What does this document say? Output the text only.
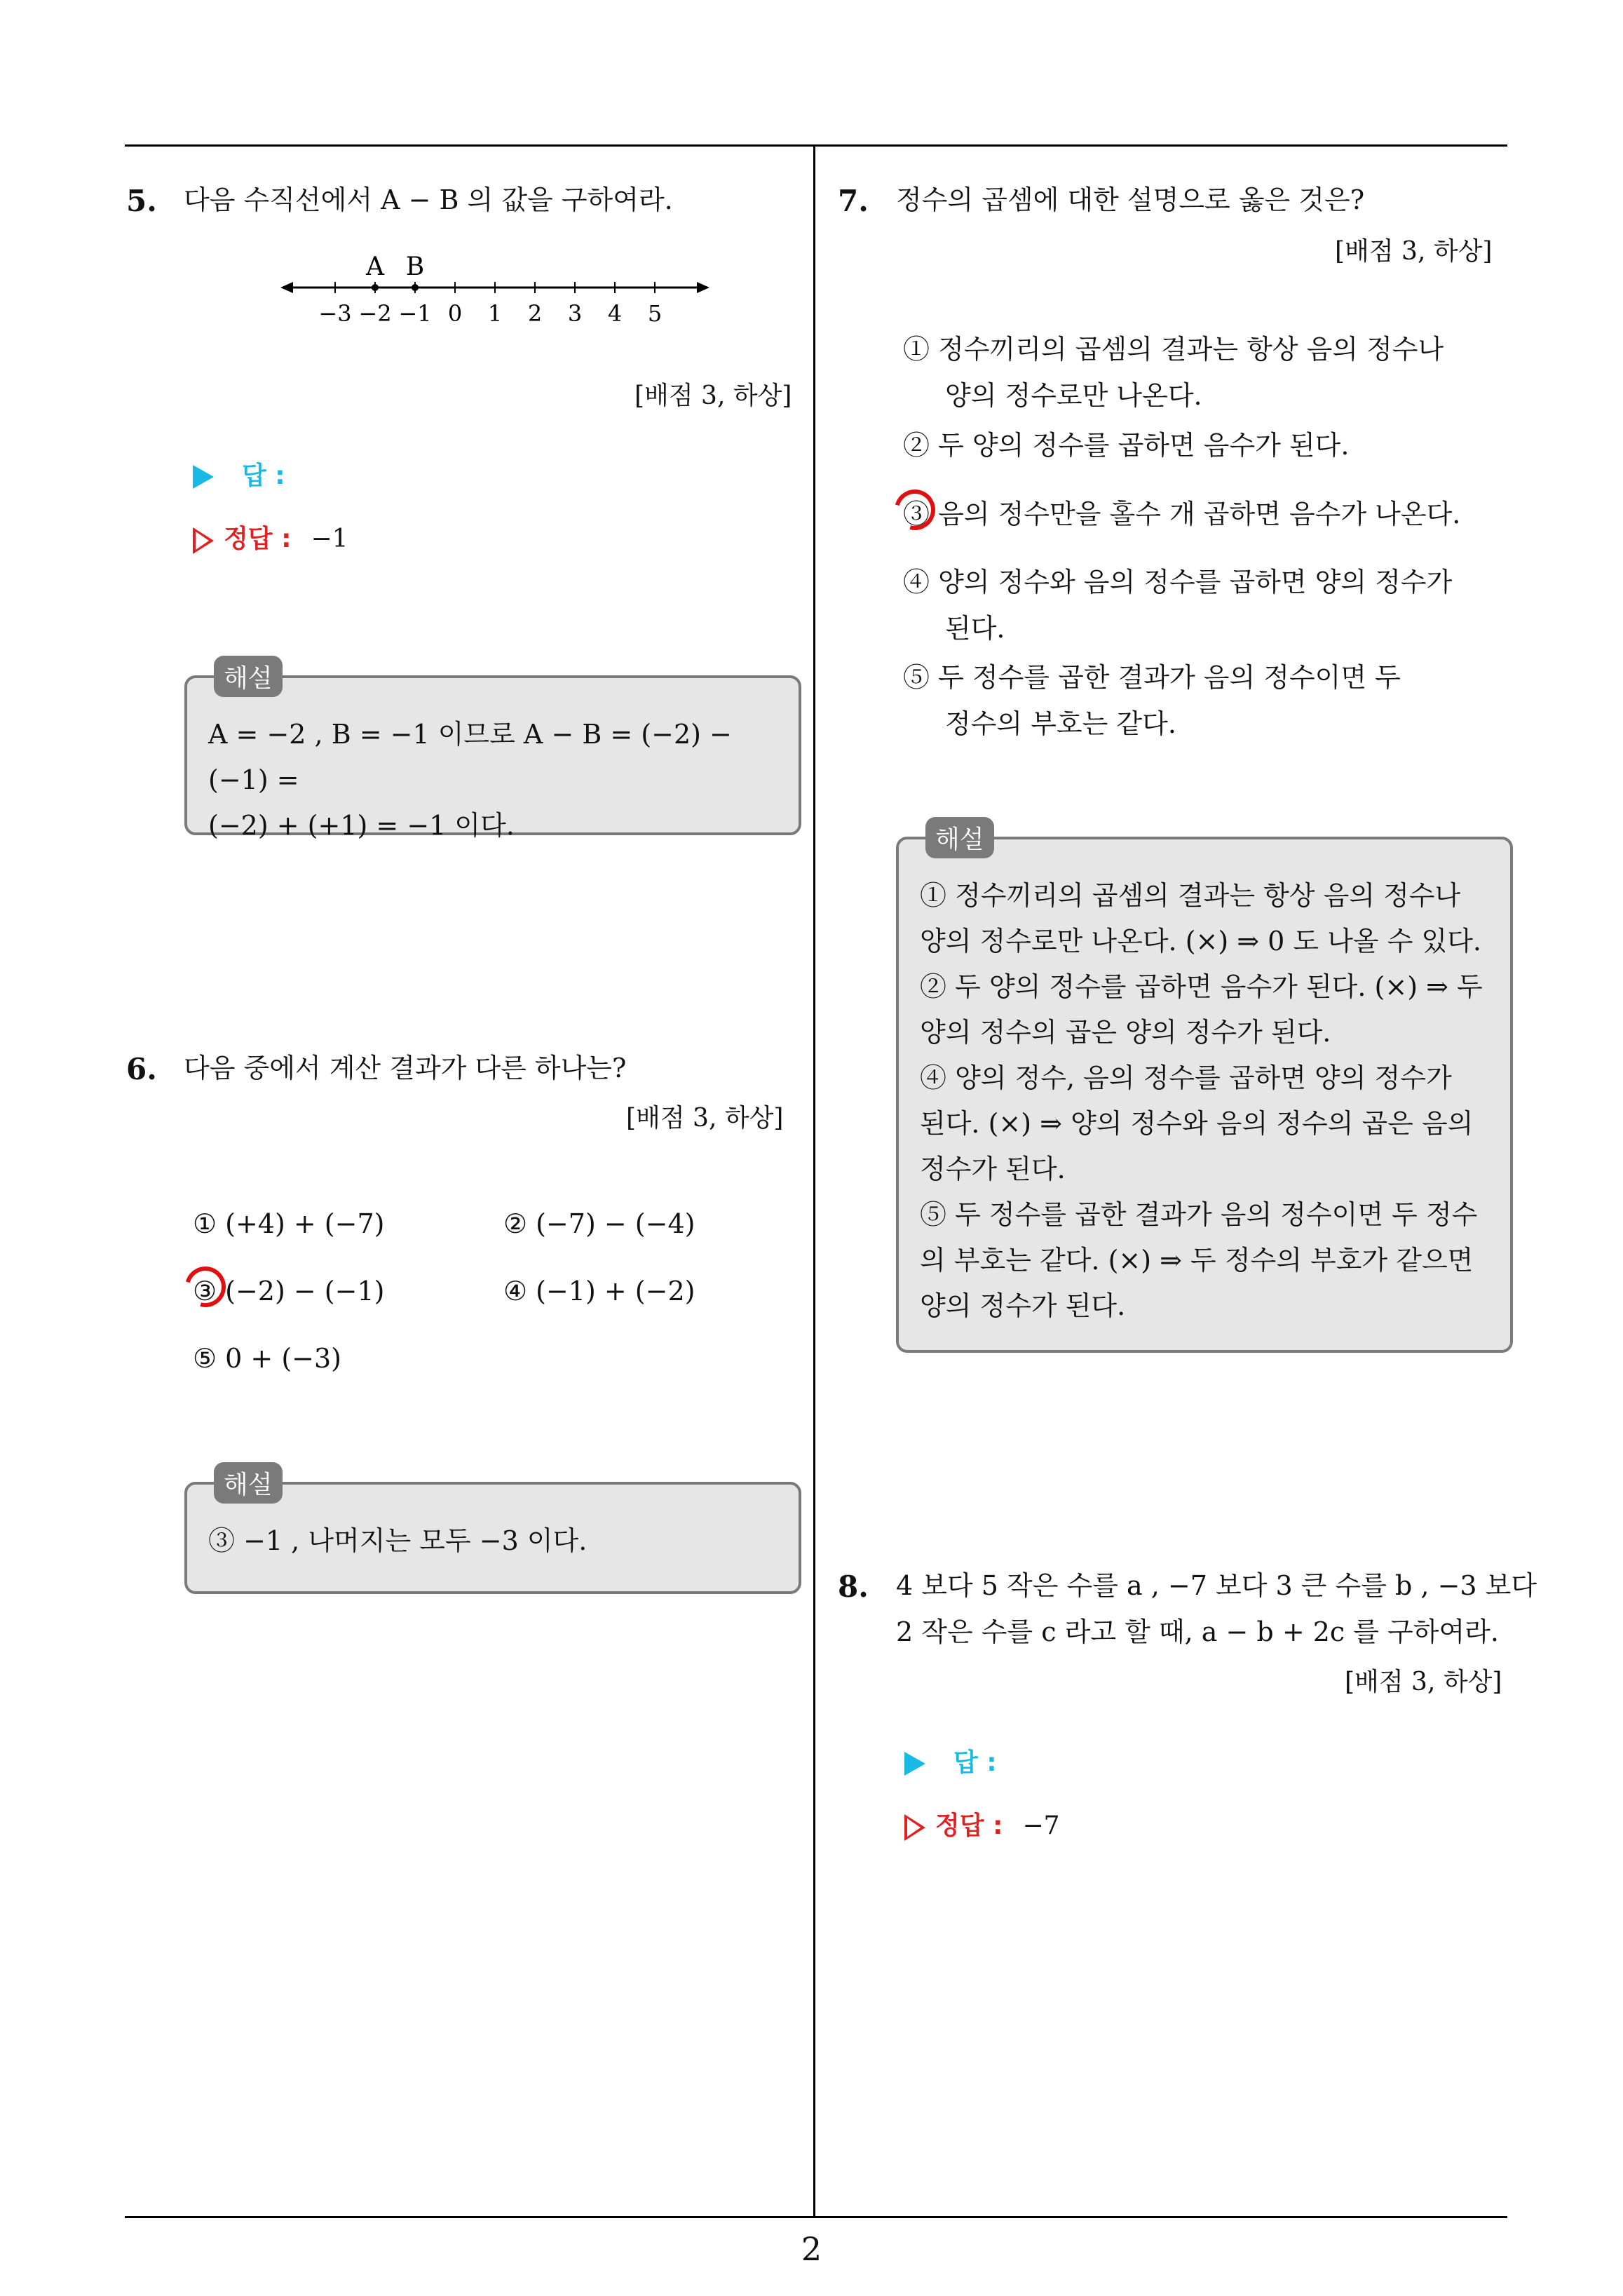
5. 다음 수직선에서 A − B 의 값을 구하여라.
−3 −2 −1 0 1 2 3 4 5
A B
[배점 3, 하상]
답 :
정답 : −1
A = −2 , B = −1 이므로 A − B = (−2) − (−1) =
(−2) + (+1) = −1 이다.
해설
6. 다음 중에서 계산 결과가 다른 하나는?
[배점 3, 하상]
① (+4) + (−7)	② (−7) − (−4)
③ (−2) − (−1)	④ (−1) + (−2)
⑤ 0 + (−3)
③ −1 , 나머지는 모두 −3 이다.
해설
7. 정수의 곱셈에 대한 설명으로 옳은 것은?
[배점 3, 하상]
① 정수끼리의 곱셈의 결과는 항상 음의 정수나
양의 정수로만 나온다.
② 두 양의 정수를 곱하면 음수가 된다.
③ 음의 정수만을 홀수 개 곱하면 음수가 나온다.
④ 양의 정수와 음의 정수를 곱하면 양의 정수가
된다.
⑤ 두 정수를 곱한 결과가 음의 정수이면 두
정수의 부호는 같다.
① 정수끼리의 곱셈의 결과는 항상 음의 정수나
양의 정수로만 나온다. (×) ⇒ 0 도 나올 수 있다.
② 두 양의 정수를 곱하면 음수가 된다. (×) ⇒ 두
양의 정수의 곱은 양의 정수가 된다.
④ 양의 정수, 음의 정수를 곱하면 양의 정수가
된다. (×) ⇒ 양의 정수와 음의 정수의 곱은 음의
정수가 된다.
⑤ 두 정수를 곱한 결과가 음의 정수이면 두 정수
의 부호는 같다. (×) ⇒ 두 정수의 부호가 같으면
양의 정수가 된다.
해설
8. 4 보다 5 작은 수를 a , −7 보다 3 큰 수를 b , −3 보다
2 작은 수를 c 라고 할 때, a − b + 2c 를 구하여라.
[배점 3, 하상]
답 :
정답 : −7
2
